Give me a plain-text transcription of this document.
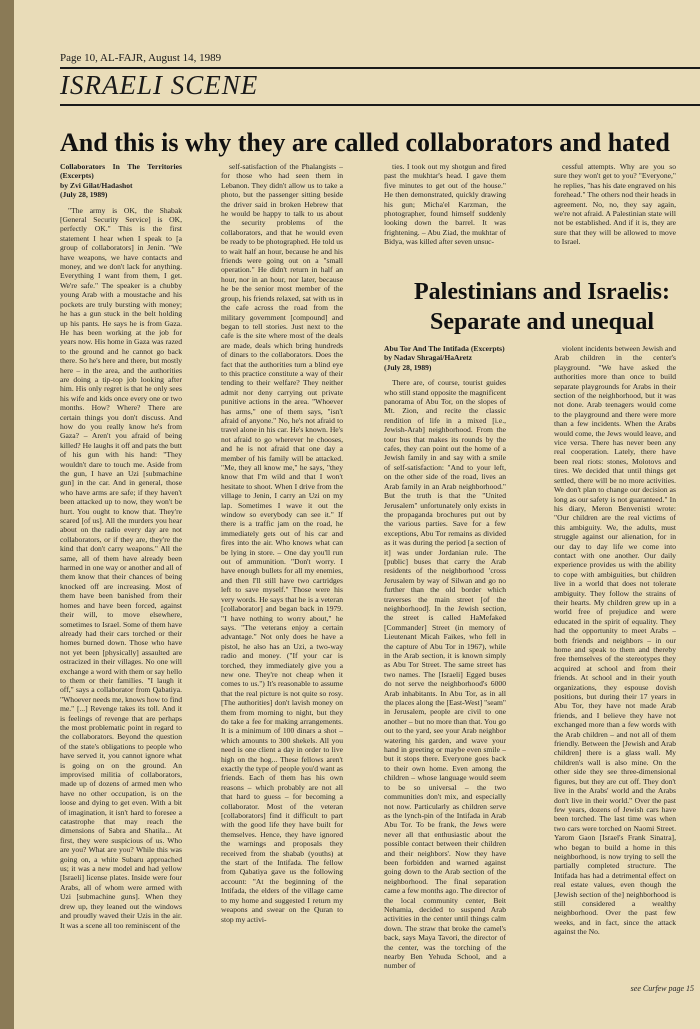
Page 10, AL-FAJR, August 14, 1989
ISRAELI SCENE
And this is why they are called collaborators and hated
Collaborators In The Territories (Excerpts)
by Zvi Gilat/Hadashot
(July 28, 1989)

"The army is OK, the Shabak [General Security Service] is OK, perfectly OK." This is the first statement I hear when I speak to [a group of collaborators] in Jenin. "We have weapons, we have contacts and money, and we don't lack for anything. Everything I want from them, I get. We're safe." The speaker is a chubby young Arab with a moustache and his pockets are truly bursting with money; he has a gun stuck in the belt holding up his pants. He says he is from Gaza. He has been working at the job for years now. His home in Gaza was razed to the ground and he cannot go back there. So he's here and there, but mostly here – in the area, and the authorities are doing a tip-top job looking after him. His only regret is that he only sees his wife and kids once every one or two months. How? Where? There are certain things you don't discuss. And how do you really know he's from Gaza? – Aren't you afraid of being killed? He laughs it off and pats the butt of his gun with his hand: "They wouldn't dare to touch me. Aside from the gun, I have an Uzi [submachine gun] in the car. And in general, those who have arms are safe; if they haven't been attacked up to now, they won't be hurt. You ought to know that. They're scared [of us]. All the murders you hear about on the radio every day are not collaborators, or if they are, they're the kind that don't carry weapons." All the same, all of them have already been harmed in one way or another and all of them know that their chances of being knocked off are increasing. Most of them have been banished from their homes and have been forced, against their will, to move elsewhere, sometimes to Israel. Some of them have already had their cars torched or their homes burned down. Those who have not yet been [physically] assaulted are ostracized in their villages. No one will exchange a word with them or say hello to them or their families. "I laugh it off," says a collaborator from Qabatiya. "Whoever needs me, knows how to find me." [...] Revenge takes its toll. And it is feelings of revenge that are perhaps the most problematic point in regard to the collaborators. Beyond the question of the state's obligations to people who have served it, you cannot ignore what is going on on the ground. An improvised militia of collaborators, made up of dozens of armed men who have no other occupation, is on the loose and dying to get even. With a bit of imagination, it isn't hard to foresee a catastrophe that may reach the dimensions of Sabra and Shatila... At first, they were suspicious of us. Who are you? What are you? While this was going on, a white Subaru approached us; it was a new model and had yellow [Israeli] license plates. Inside were four Arabs, all of whom were armed with Uzi [submachine guns]. When they drew up, they leaned out the windows and proudly waved their Uzis in the air. It was a scene all too reminiscent of the

self-satisfaction of the Phalangists – for those who had seen them in Lebanon. They didn't allow us to take a photo, but the passenger sitting beside the driver said in broken Hebrew that he would be happy to talk to us about the security problems of the collaborators, and that he would even be ready to be photographed. He told us to wait half an hour, because he and his friends were going out on a "small operation." He didn't return in half an hour, nor in an hour, nor later, because he be the senior most member of the group, his friends relaxed, sat with us in the cafe across the road from the military government [compound] and began to tell stories. Just next to the cafe is the site where most of the deals are made, deals which bring hundreds of dinars to the collaborators. Does the fact that the authorities turn a blind eye to this practice constitute a way of their tending to their welfare? They neither admit nor deny carrying out private punitive actions in the area. "Whoever has arms," one of them says, "isn't afraid of anyone." No, he's not afraid to travel alone in his car. He's known. He's not afraid to go wherever he chooses, and he is not afraid that one day a member of his family will be attacked. "Me, they all know me," he says, "they know that I'm wild and that I won't hesitate to shoot. When I drive from the village to Jenin, I carry an Uzi on my lap. Sometimes I wave it out the window so everybody can see it." If there is a traffic jam on the road, he immediately gets out of his car and fires into the air. Who knows what can be lying in store. – One day you'll run out of ammunition. "Don't worry. I have enough bullets for all my enemies, and then I'll still have two cartridges left to save myself." Those were his very words. He says that he is a veteran [collaborator] and began back in 1979. "I have nothing to worry about," he says. "The veterans enjoy a certain advantage." Not only does he have a pistol, he also has an Uzi, a two-way radio and money. ("If your car is torched, they immediately give you a new one. They're not cheap when it comes to us.") It's reasonable to assume that the real picture is not quite so rosy. [The authorities] don't lavish money on them from morning to night, but they do take a fee for making arrangements. It is a minimum of 100 dinars a shot – which amounts to 300 shekels. All you need is one client a day in order to live high on the hog... These fellows aren't exactly the type of people you'd want as friends. Each of them has his own reasons – which probably are not all that hard to guess – for becoming a collaborator. Most of the veteran [collaborators] find it difficult to part with the good life they have built for themselves. Hence, they have ignored the warnings and proposals they received from the shabab (youths) at the start of the Intifada. The fellow from Qabatiya gave us the following account: "At the beginning of the Intifada, the elders of the village came to my home and suggested I return my weapons and swear on the Quran to stop my activi-

ties. I took out my shotgun and fired past the mukhtar's head. I gave them five minutes to get out of the house." He then demonstrated, quickly drawing his gun; Micha'el Karzman, the photographer, found himself suddenly looking down the barrel. It was frightening. – Abu Ziad, the mukhtar of Bidya, was killed after seven unsuc-

cessful attempts. Why are you so sure they won't get to you? "Everyone," he replies, "has his date engraved on his forehead." The others nod their heads in agreement. No, no, they say again, we're not afraid. A Palestinian state will not be established. And if it is, they are sure that they will be allowed to move to Israel.

Palestinians and Israelis:
Separate and unequal
Abu Tor And The Intifada (Excerpts)
by Nadav Shragai/HaAretz
(July 28, 1989)

There are, of course, tourist guides who still stand opposite the magnificent panorama of Abu Tor, on the slopes of Mt. Zion, and recite the classic rendition of life in a mixed [i.e., Jewish-Arab] neighborhood. From the tour bus that makes its rounds by the cafes, they can point out the home of a Jewish family in and say with a smile of self-satisfaction: "And to your left, on the other side of the road, lives an Arab family in an Arab neighborhood." But the truth is that the "United Jerusalem" unfortunately only exists in the propaganda brochures put out by the various parties. Save for a few exceptions, Abu Tor remains as divided as it was during the period [a section of it] was under Jordanian rule. The [public] buses that carry the Arab residents of the neighborhood 'cross Jerusalem by way of Silwan and go no further than the old border which traverses the main street [of the neighborhood]. In the Jewish section, the street is called HaMefaked [Commander] Street (in memory of Lieutenant Micah Faikes, who fell in the capture of Abu Tor in 1967), while in the Arab section, it is known simply as Abu Tor Street. The same street has two names. The [Israeli] Egged buses do not serve the neighborhood's 6000 Arab inhabitants. In Abu Tor, as in all the places along the [East-West] "seam" in Jerusalem, people are civil to one another – but no more than that. You go out to the yard, see your Arab neighbor watering his garden, and wave your hand in greeting or maybe even smile – but it stops there. Everyone goes back to their own home. Even among the children – whose language would seem to be so universal – the two communities don't mix, and especially not now. Particularly as children serve as the lynch-pin of the Intifada in Arab Abu Tor. To be frank, the Jews were never all that enthusiastic about the possible contact between their children and their neighbors'. Now they have been forbidden and warned against going down to the Arab section of the neighborhood. The final separation came a few months ago. The director of the local community center, Beit Nehamia, decided to suspend Arab activities in the center until things calm down. The straw that broke the camel's back, says Maya Tavori, the director of the center, was the torching of the nearby Ben Yehuda School, and a number of

violent incidents between Jewish and Arab children in the center's playground. "We have asked the authorities more than once to build separate playgrounds for Arabs in their section of the neighborhood, but it was not done. Arab teenagers would come to the playground and there were more than a few incidents. When the Arabs would come, the Jews would leave, and vice versa. There has never been any real cooperation. Lately, there have been real riots: stones, Molotovs and tires. We decided that until things get settled, there will be no more activities. We don't plan to change our decision as long as our safety is not guaranteed." In his diary, Meron Benvenisti wrote: "Our children are the real victims of this ambiguity. We, the adults, must struggle against our alienation, for in our day to day life we come into contact with one another. Our daily experience provides us with the ability to cope with ambiguities, but children live in a world that does not tolerate ambiguity. They follow the strains of their hearts. My children grew up in a world free of prejudice and were educated in the spirit of equality. They had the opportunity to meet Arabs – both friends and neighbors – in our home and speak to them and thereby free themselves of the stereotypes they acquired at school and from their friends. At school and in their youth organizations, they espouse dovish positions, but during their 17 years in Abu Tor, they have not made Arab friends, and I believe they have not exchanged more than a few words with the Arab children – and not all of them friendly. Between the [Jewish and Arab children] there is a glass wall. My children's wall is also mine. On the other side they see three-dimensional figures, but they are cut off. They don't live in the Arabs' world and the Arabs don't live in their world." Over the past few years, dozens of Jewish cars have been torched. The last time was when two cars were torched on Naomi Street. Yarom Gaon [Israel's Frank Sinatra], who began to build a home in this neighborhood, is now trying to sell the partially completed structure. The Intifada has had a detrimental effect on real estate values, even though the [Jewish section of the] neighborhood is still considered a wealthy neighborhood. Over the past few weeks, and in fact, since the attack against the No.

see Curfew page 15
